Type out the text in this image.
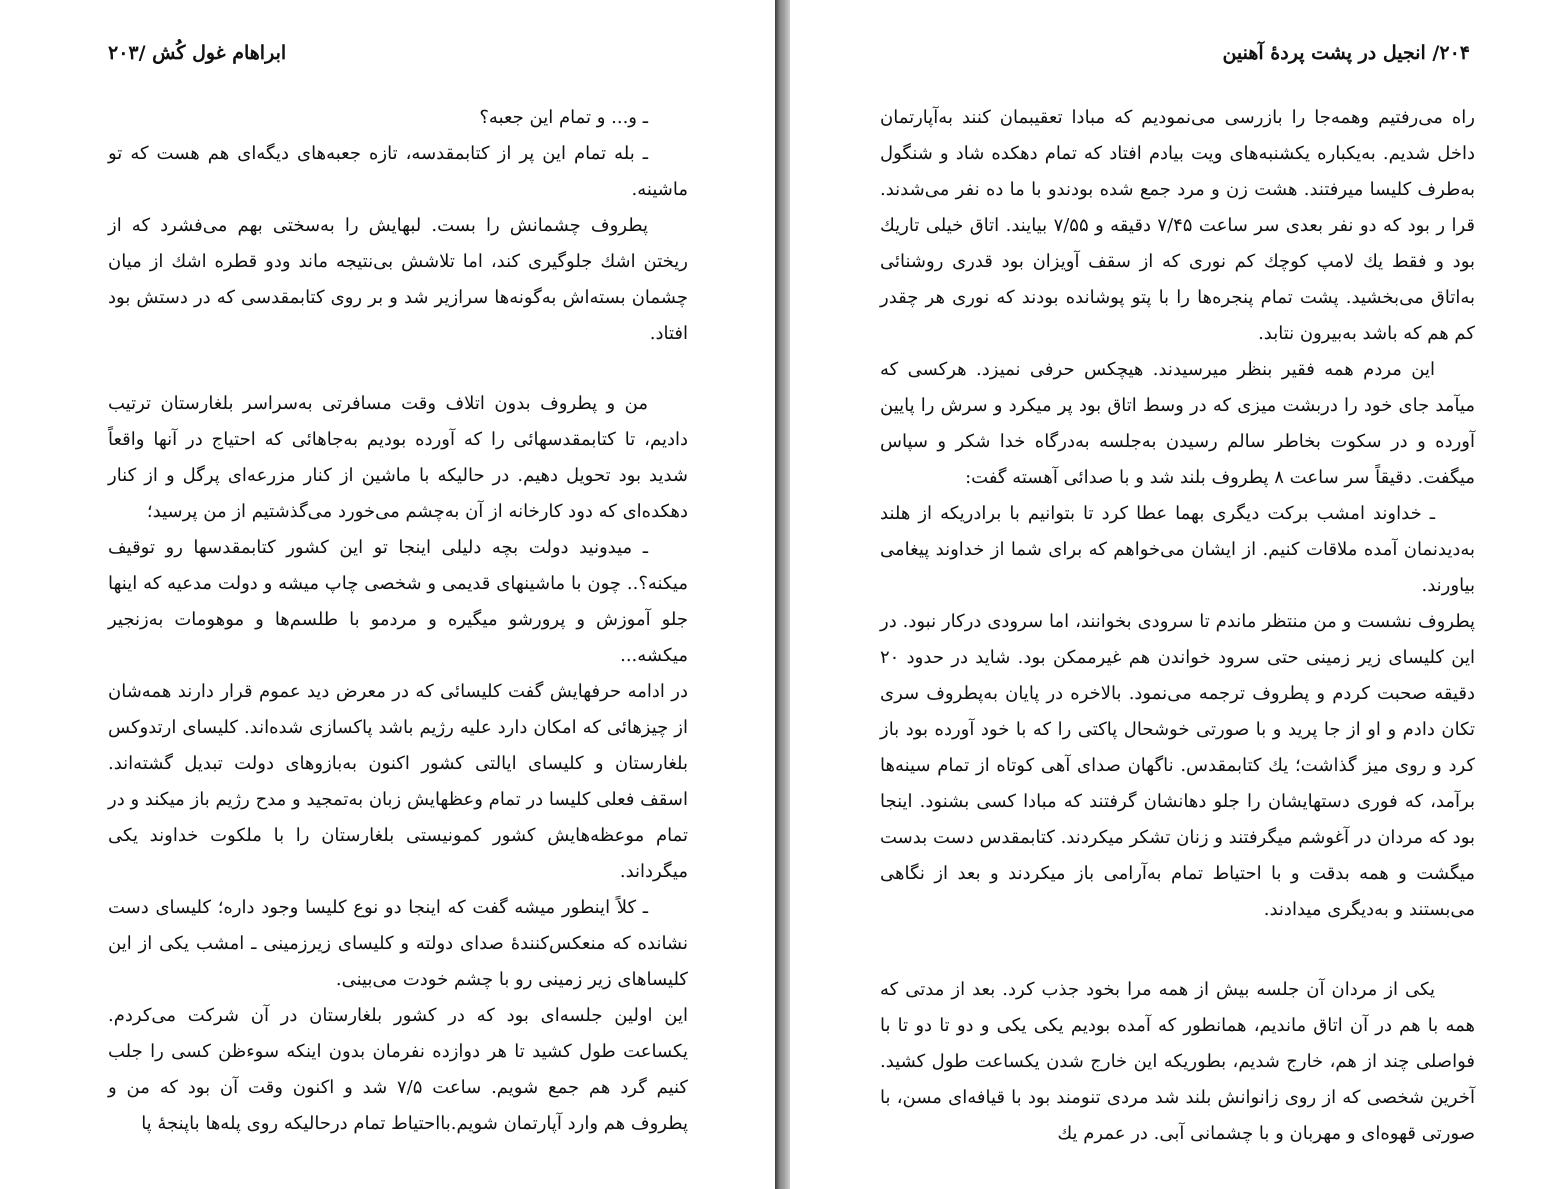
ابراهام غول کُش /۲۰۳

ـ و... و تمام این جعبه؟

ـ بله تمام این پر از کتابمقدسه، تازه جعبه‌های دیگه‌ای هم هست که تو ماشینه.

پطروف چشمانش را بست. لبهایش را به‌سختی بهم می‌فشرد که از ریختن اشك جلوگیری کند، اما تلاشش بی‌نتیجه ماند ودو قطره اشك از میان چشمان بسته‌اش به‌گونه‌ها سرازیر شد و بر روی کتابمقدسی که در دستش بود افتاد.

من و پطروف بدون اتلاف وقت مسافرتی به‌سراسر بلغارستان ترتیب دادیم، تا کتابمقدسهائی را که آورده بودیم به‌جاهائی که احتیاج در آنها واقعاً شدید بود تحویل دهیم. در حالیکه با ماشین از کنار مزرعه‌ای پرگل و از کنار دهکده‌ای که دود کارخانه از آن به‌چشم می‌خورد می‌گذشتیم از من پرسید؛

ـ میدونید دولت بچه دلیلی اینجا تو این کشور کتابمقدسها رو توقیف میکنه؟.. چون با ماشینهای قدیمی و شخصی چاپ میشه و دولت مدعیه که اینها جلو آموزش و پرورشو میگیره و مردمو با طلسم‌ها و موهومات به‌زنجیر میکشه...

در ادامه حرفهایش گفت کلیسائی که در معرض دید عموم قرار دارند همه‌شان از چیزهائی که امکان دارد علیه رژیم باشد پاکسازی شده‌اند. کلیسای ارتدوکس بلغارستان و کلیسای ایالتی کشور اکنون به‌بازوهای دولت تبدیل گشته‌اند. اسقف فعلی کلیسا در تمام وعظهایش زبان به‌تمجید و مدح رژیم باز میکند و در تمام موعظه‌هایش کشور کمونیستی بلغارستان را با ملکوت خداوند یکی میگرداند.

ـ کلاً اینطور میشه گفت که اینجا دو نوع کلیسا وجود داره؛ کلیسای دست نشانده که منعکس‌کنندهٔ صدای دولته و کلیسای زیرزمینی ـ امشب یکی از این کلیساهای زیر زمینی رو با چشم خودت می‌بینی.

این اولین جلسه‌ای بود که در کشور بلغارستان در آن شرکت می‌کردم. یکساعت طول کشید تا هر دوازده نفرمان بدون اینکه سوءظن کسی را جلب کنیم گرد هم جمع شویم. ساعت ۷/۵ شد و اکنون وقت آن بود که من و پطروف هم وارد آپارتمان شویم.بااحتیاط تمام درحالیکه روی پله‌ها باپنجهٔ پا

۲۰۴/ انجیل در پشت پردهٔ آهنین

راه می‌رفتیم وهمه‌جا را بازرسی می‌نمودیم که مبادا تعقیبمان کنند به‌آپارتمان داخل شدیم. به‌یکباره یکشنبه‌های ویت بیادم افتاد که تمام دهکده شاد و شنگول به‌طرف کلیسا میرفتند. هشت زن و مرد جمع شده بودندو با ما ده نفر می‌شدند. قرا ر بود که دو نفر بعدی سر ساعت ۷/۴۵ دقیقه و ۷/۵۵ بیایند. اتاق خیلی تاریك بود و فقط یك لامپ کوچك کم نوری که از سقف آویزان بود قدری روشنائی به‌اتاق می‌بخشید. پشت تمام پنجره‌ها را با پتو پوشانده بودند که نوری هر چقدر کم هم که باشد به‌بیرون نتابد.

این مردم همه فقیر بنظر میرسیدند. هیچکس حرفی نمیزد. هرکسی که میآمد جای خود را دربشت میزی که در وسط اتاق بود پر میکرد و سرش را پایین آورده و در سکوت بخاطر سالم رسیدن به‌جلسه به‌درگاه خدا شکر و سپاس میگفت. دقیقاً سر ساعت ۸ پطروف بلند شد و با صدائی آهسته گفت:

ـ خداوند امشب برکت دیگری بهما عطا کرد تا بتوانیم با برادریکه از هلند به‌دیدنمان آمده ملاقات کنیم. از ایشان می‌خواهم که برای شما از خداوند پیغامی بیاورند.

پطروف نشست و من منتظر ماندم تا سرودی بخوانند، اما سرودی درکار نبود. در این کلیسای زیر زمینی حتی سرود خواندن هم غیرممکن بود. شاید در حدود ۲۰ دقیقه صحبت کردم و پطروف ترجمه می‌نمود. بالاخره در پایان به‌پطروف سری تکان دادم و او از جا پرید و با صورتی خوشحال پاکتی را که با خود آورده بود باز کرد و روی میز گذاشت؛ یك کتابمقدس. ناگهان صدای آهی کوتاه از تمام سینه‌ها برآمد، که فوری دستهایشان را جلو دهانشان گرفتند که مبادا کسی بشنود. اینجا بود که مردان در آغوشم میگرفتند و زنان تشکر میکردند. کتابمقدس دست بدست میگشت و همه بدقت و با احتیاط تمام به‌آرامی باز میکردند و بعد از نگاهی می‌بستند و به‌دیگری میدادند.

یکی از مردان آن جلسه بیش از همه مرا بخود جذب کرد. بعد از مدتی که همه با هم در آن اتاق ماندیم، همانطور که آمده بودیم یکی یکی و دو تا دو تا با فواصلی چند از هم، خارج شدیم، بطوریکه این خارج شدن یکساعت طول کشید. آخرین شخصی که از روی زانوانش بلند شد مردی تنومند بود با قیافه‌ای مسن، با صورتی قهوه‌ای و مهربان و با چشمانی آبی. در عمرم یك
